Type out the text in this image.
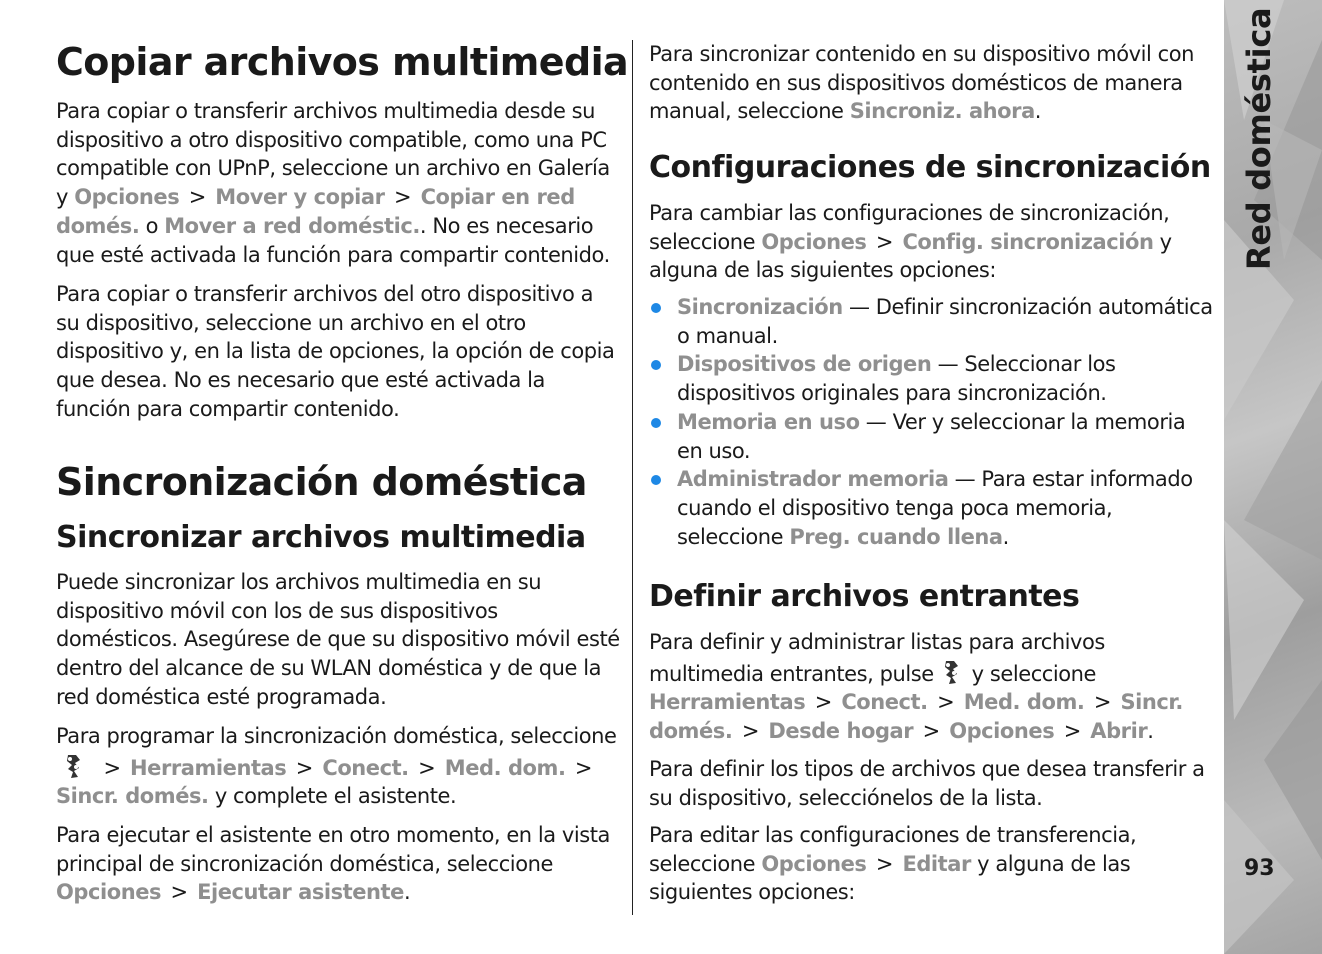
Copiar archivos multimedia

Para copiar o transferir archivos multimedia desde su dispositivo a otro dispositivo compatible, como una PC compatible con UPnP, seleccione un archivo en Galería y Opciones > Mover y copiar > Copiar en red domés. o Mover a red doméstic.. No es necesario que esté activada la función para compartir contenido.

Para copiar o transferir archivos del otro dispositivo a su dispositivo, seleccione un archivo en el otro dispositivo y, en la lista de opciones, la opción de copia que desea. No es necesario que esté activada la función para compartir contenido.

Sincronización doméstica
Sincronizar archivos multimedia

Puede sincronizar los archivos multimedia en su dispositivo móvil con los de sus dispositivos domésticos. Asegúrese de que su dispositivo móvil esté dentro del alcance de su WLAN doméstica y de que la red doméstica esté programada.

Para programar la sincronización doméstica, seleccione> Herramientas > Conect. > Med. dom. >Sincr. domés. y complete el asistente.

Para ejecutar el asistente en otro momento, en la vista principal de sincronización doméstica, seleccione Opciones > Ejecutar asistente.

Para sincronizar contenido en su dispositivo móvil con contenido en sus dispositivos domésticos de manera manual, seleccione Sincroniz. ahora.

Configuraciones de sincronización

Para cambiar las configuraciones de sincronización, seleccione Opciones > Config. sincronización y alguna de las siguientes opciones:

Sincronización — Definir sincronización automática o manual.
Dispositivos de origen — Seleccionar los dispositivos originales para sincronización.
Memoria en uso — Ver y seleccionar la memoria en uso.
Administrador memoria — Para estar informado cuando el dispositivo tenga poca memoria, seleccione Preg. cuando llena.
Definir archivos entrantes

Para definir y administrar listas para archivos multimedia entrantes, pulse y seleccione Herramientas > Conect. > Med. dom. > Sincr. domés. > Desde hogar > Opciones > Abrir.

Para definir los tipos de archivos que desea transferir a su dispositivo, selecciónelos de la lista.

Para editar las configuraciones de transferencia, seleccione Opciones > Editar y alguna de las siguientes opciones:

Red doméstica
93
